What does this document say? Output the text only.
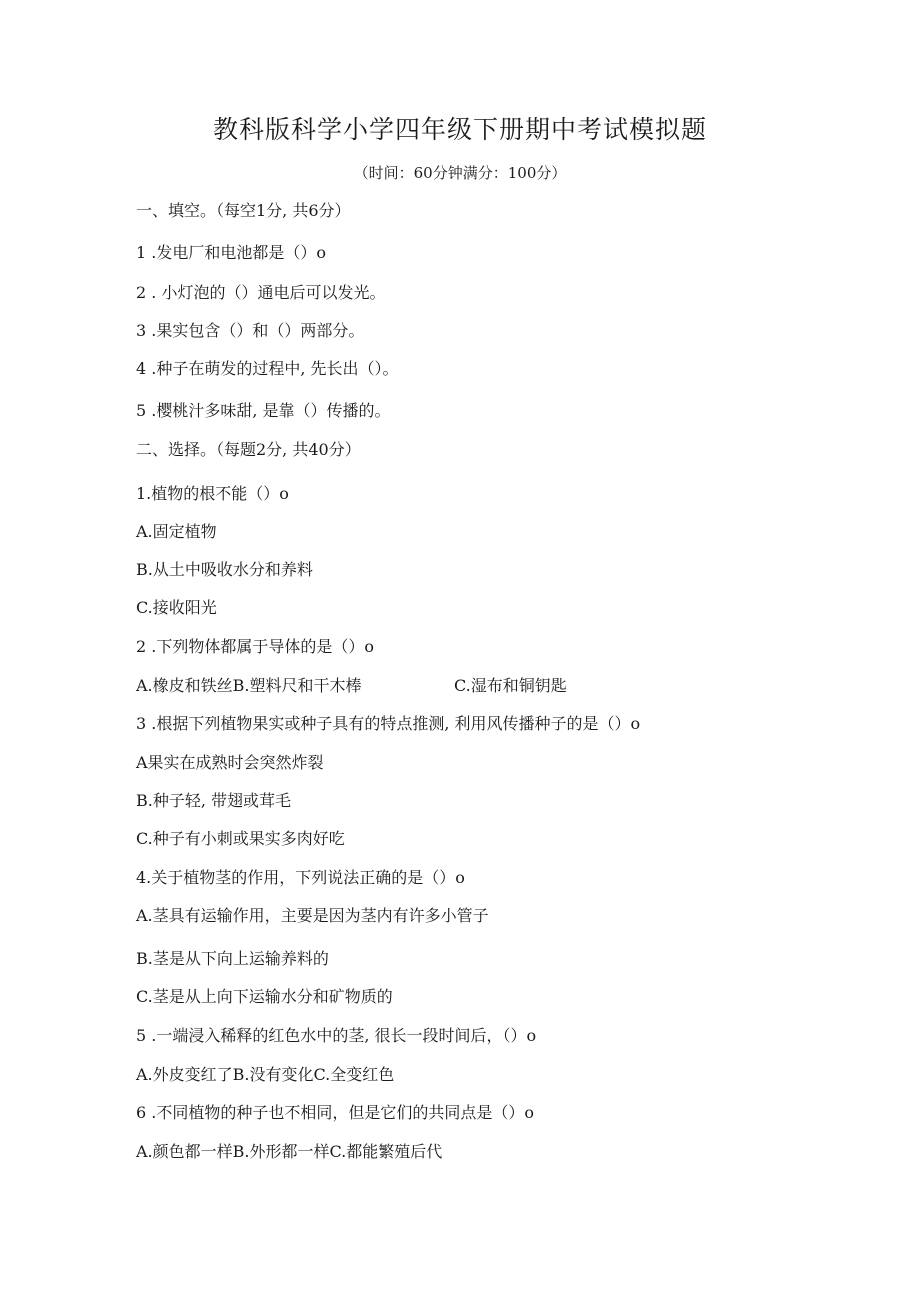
教科版科学小学四年级下册期中考试模拟题
（时间：60分钟满分：100分）
一、填空。（每空1分, 共6分）
1 .发电厂和电池都是（）o
2 . 小灯泡的（）通电后可以发光。
3 .果实包含（）和（）两部分。
4 .种子在萌发的过程中, 先长出（）。
5 .樱桃汁多味甜, 是靠（）传播的。
二、选择。（每题2分, 共40分）
1.植物的根不能（）o
A.固定植物
B.从土中吸收水分和养料
C.接收阳光
2 .下列物体都属于导体的是（）o
A.橡皮和铁丝B.塑料尺和干木棒	C.湿布和铜钥匙
3 .根据下列植物果实或种子具有的特点推测, 利用风传播种子的是（）o
A果实在成熟时会突然炸裂
B.种子轻, 带翅或茸毛
C.种子有小刺或果实多肉好吃
4.关于植物茎的作用，下列说法正确的是（）o
A.茎具有运输作用，主要是因为茎内有许多小管子
B.茎是从下向上运输养料的
C.茎是从上向下运输水分和矿物质的
5 .一端浸入稀释的红色水中的茎, 很长一段时间后，（）o
A.外皮变红了B.没有变化C.全变红色
6 .不同植物的种子也不相同，但是它们的共同点是（）o
A.颜色都一样B.外形都一样C.都能繁殖后代
